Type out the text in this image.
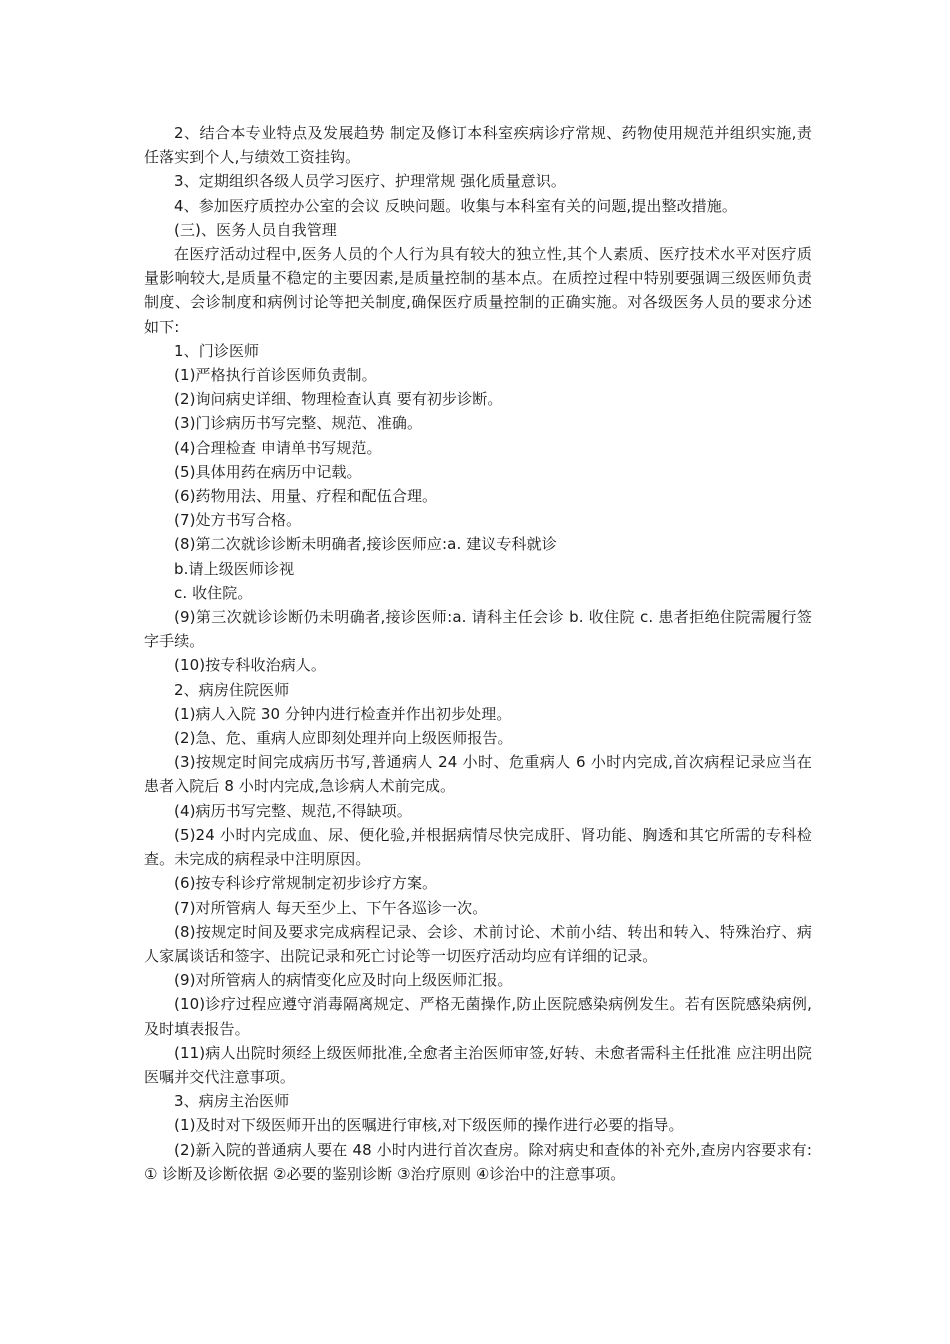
2、结合本专业特点及发展趋势 制定及修订本科室疾病诊疗常规、药物使用规范并组织实施,责任落实到个人,与绩效工资挂钩。

3、定期组织各级人员学习医疗、护理常规 强化质量意识。

4、参加医疗质控办公室的会议 反映问题。收集与本科室有关的问题,提出整改措施。

(三)、医务人员自我管理

在医疗活动过程中,医务人员的个人行为具有较大的独立性,其个人素质、医疗技术水平对医疗质量影响较大,是质量不稳定的主要因素,是质量控制的基本点。在质控过程中特别要强调三级医师负责制度、会诊制度和病例讨论等把关制度,确保医疗质量控制的正确实施。对各级医务人员的要求分述如下:

1、门诊医师

(1)严格执行首诊医师负责制。

(2)询问病史详细、物理检查认真 要有初步诊断。

(3)门诊病历书写完整、规范、准确。

(4)合理检查 申请单书写规范。

(5)具体用药在病历中记载。

(6)药物用法、用量、疗程和配伍合理。

(7)处方书写合格。

(8)第二次就诊诊断未明确者,接诊医师应:a. 建议专科就诊

b.请上级医师诊视

c. 收住院。

(9)第三次就诊诊断仍未明确者,接诊医师:a. 请科主任会诊 b. 收住院 c. 患者拒绝住院需履行签字手续。

(10)按专科收治病人。

2、病房住院医师

(1)病人入院 30 分钟内进行检查并作出初步处理。

(2)急、危、重病人应即刻处理并向上级医师报告。

(3)按规定时间完成病历书写,普通病人 24 小时、危重病人 6 小时内完成,首次病程记录应当在患者入院后 8 小时内完成,急诊病人术前完成。

(4)病历书写完整、规范,不得缺项。

(5)24 小时内完成血、尿、便化验,并根据病情尽快完成肝、肾功能、胸透和其它所需的专科检查。未完成的病程录中注明原因。

(6)按专科诊疗常规制定初步诊疗方案。

(7)对所管病人 每天至少上、下午各巡诊一次。

(8)按规定时间及要求完成病程记录、会诊、术前讨论、术前小结、转出和转入、特殊治疗、病人家属谈话和签字、出院记录和死亡讨论等一切医疗活动均应有详细的记录。

(9)对所管病人的病情变化应及时向上级医师汇报。

(10)诊疗过程应遵守消毒隔离规定、严格无菌操作,防止医院感染病例发生。若有医院感染病例,及时填表报告。

(11)病人出院时须经上级医师批准,全愈者主治医师审签,好转、未愈者需科主任批准 应注明出院医嘱并交代注意事项。

3、病房主治医师

(1)及时对下级医师开出的医嘱进行审核,对下级医师的操作进行必要的指导。

(2)新入院的普通病人要在 48 小时内进行首次查房。除对病史和查体的补充外,查房内容要求有:① 诊断及诊断依据 ②必要的鉴别诊断 ③治疗原则 ④诊治中的注意事项。
